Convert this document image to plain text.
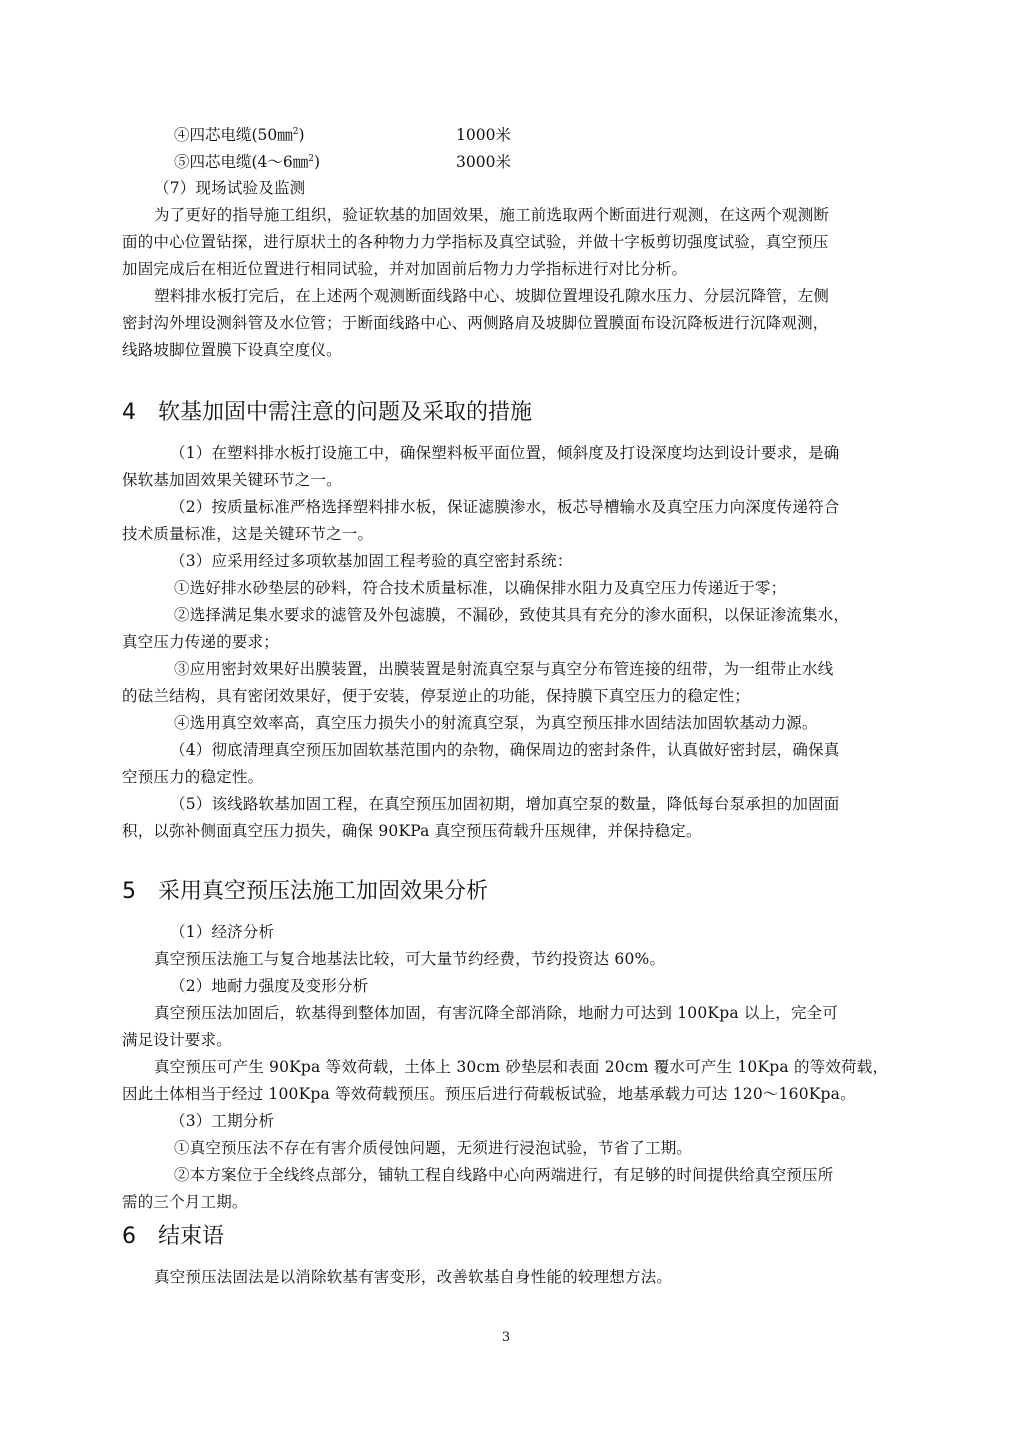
④四芯电缆(50㎜$^2$)	1000米
⑤四芯电缆(4～6㎜$^2$)	3000米
（7）现场试验及监测
为了更好的指导施工组织，验证软基的加固效果，施工前选取两个断面进行观测，在这两个观测断
面的中心位置钻探，进行原状土的各种物力力学指标及真空试验，并做十字板剪切强度试验，真空预压
加固完成后在相近位置进行相同试验，并对加固前后物力力学指标进行对比分析。
塑料排水板打完后，在上述两个观测断面线路中心、坡脚位置埋设孔隙水压力、分层沉降管，左侧
密封沟外埋设测斜管及水位管；于断面线路中心、两侧路肩及坡脚位置膜面布设沉降板进行沉降观测，
线路坡脚位置膜下设真空度仪。
4 软基加固中需注意的问题及采取的措施
（1）在塑料排水板打设施工中，确保塑料板平面位置，倾斜度及打设深度均达到设计要求，是确
保软基加固效果关键环节之一。
（2）按质量标准严格选择塑料排水板，保证滤膜渗水，板芯导槽输水及真空压力向深度传递符合
技术质量标准，这是关键环节之一。
（3）应采用经过多项软基加固工程考验的真空密封系统：
①选好排水砂垫层的砂料，符合技术质量标准，以确保排水阻力及真空压力传递近于零；
②选择满足集水要求的滤管及外包滤膜，不漏砂，致使其具有充分的渗水面积，以保证渗流集水，
真空压力传递的要求；
③应用密封效果好出膜装置，出膜装置是射流真空泵与真空分布管连接的纽带，为一组带止水线
的砝兰结构，具有密闭效果好，便于安装，停泵逆止的功能，保持膜下真空压力的稳定性；
④选用真空效率高，真空压力损失小的射流真空泵，为真空预压排水固结法加固软基动力源。
（4）彻底清理真空预压加固软基范围内的杂物，确保周边的密封条件，认真做好密封层，确保真
空预压力的稳定性。
（5）该线路软基加固工程，在真空预压加固初期，增加真空泵的数量，降低每台泵承担的加固面
积，以弥补侧面真空压力损失，确保 90KPa 真空预压荷载升压规律，并保持稳定。
5 采用真空预压法施工加固效果分析
（1）经济分析
真空预压法施工与复合地基法比较，可大量节约经费，节约投资达 60%。
（2）地耐力强度及变形分析
真空预压法加固后，软基得到整体加固，有害沉降全部消除，地耐力可达到 100Kpa 以上，完全可
满足设计要求。
真空预压可产生 90Kpa 等效荷载，土体上 30cm 砂垫层和表面 20cm 覆水可产生 10Kpa 的等效荷载，
因此土体相当于经过 100Kpa 等效荷载预压。预压后进行荷载板试验，地基承载力可达 120～160Kpa。
（3）工期分析
①真空预压法不存在有害介质侵蚀问题，无须进行浸泡试验，节省了工期。
②本方案位于全线终点部分，铺轨工程自线路中心向两端进行，有足够的时间提供给真空预压所
需的三个月工期。
6 结束语
真空预压法固法是以消除软基有害变形，改善软基自身性能的较理想方法。
3
